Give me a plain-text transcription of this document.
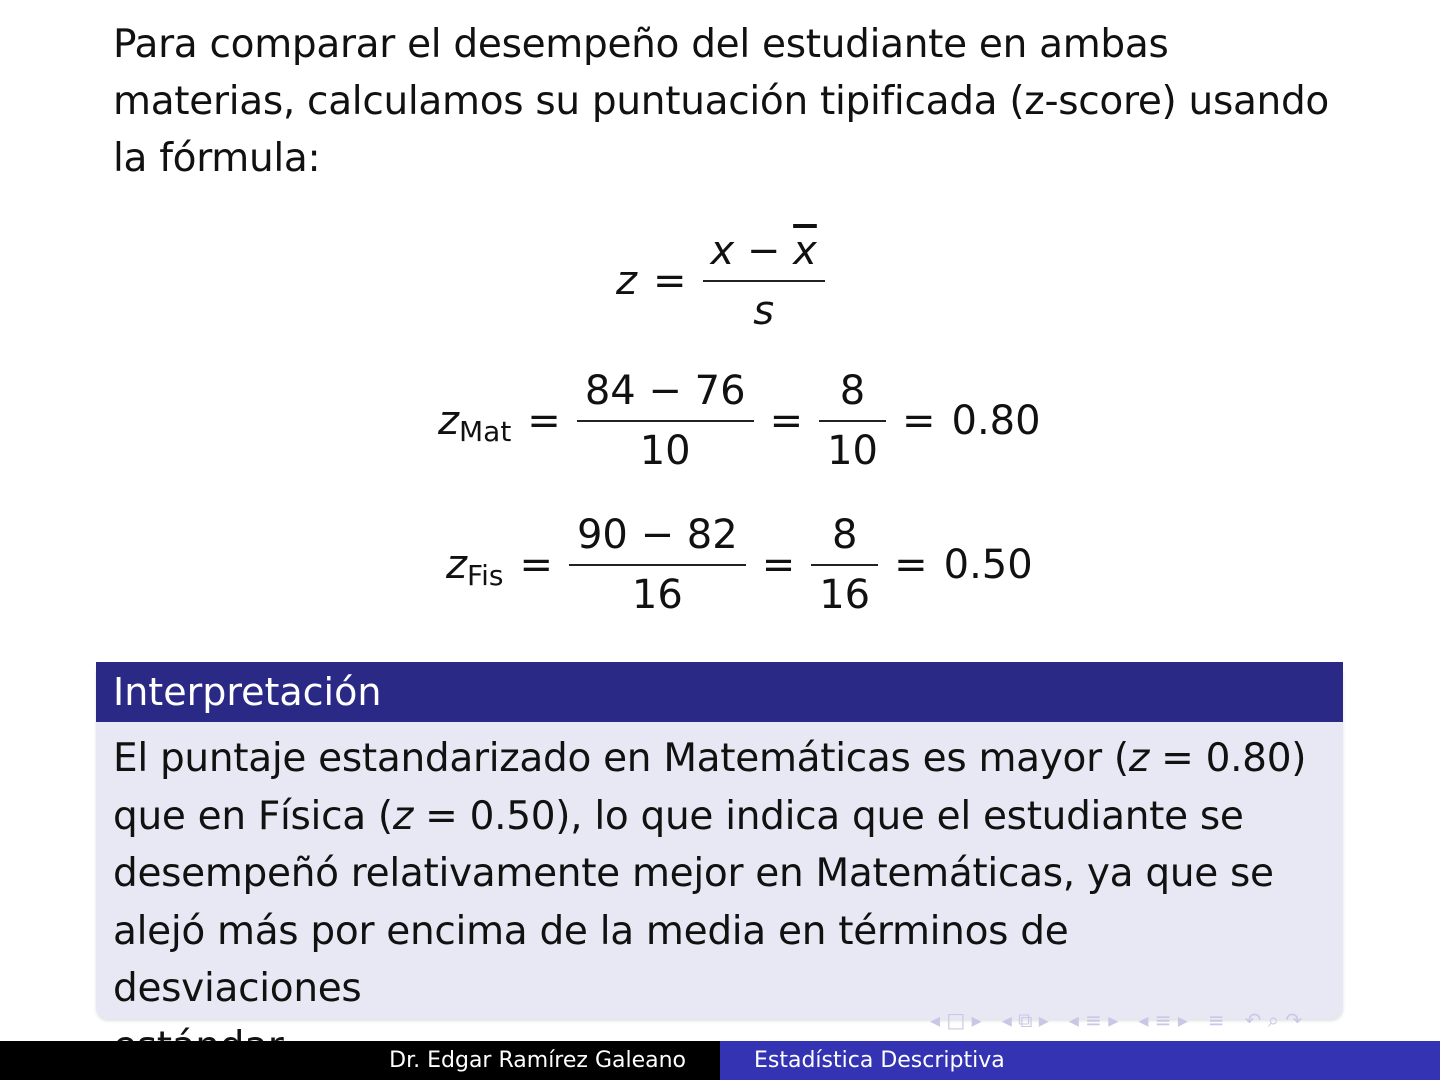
Para comparar el desempeño del estudiante en ambas materias, calculamos su puntuación tipificada (z-score) usando la fórmula:
$z = \frac{x - \overline{x}}{s}$
z Mat = $\frac{84 - 76}{10} = \frac{8}{10} = 0.80$
z Fis = $\frac{90 - 82}{16} = \frac{8}{16} = 0.50$
Interpretación
El puntaje estandarizado en Matemáticas es mayor (z = 0.80)
que en Física (z = 0.50), lo que indica que el estudiante se
desempeñó relativamente mejor en Matemáticas, ya que se
alejó más por encima de la media en términos de desviaciones
◂ □ ▸ ◂ ⧉ ▸ ◂ ≡ ▸ ◂ ≡ ▸ ≡ ↶ ⌕ ↷
Dr. Edgar Ramírez Galeano	Estadística Descriptiva
